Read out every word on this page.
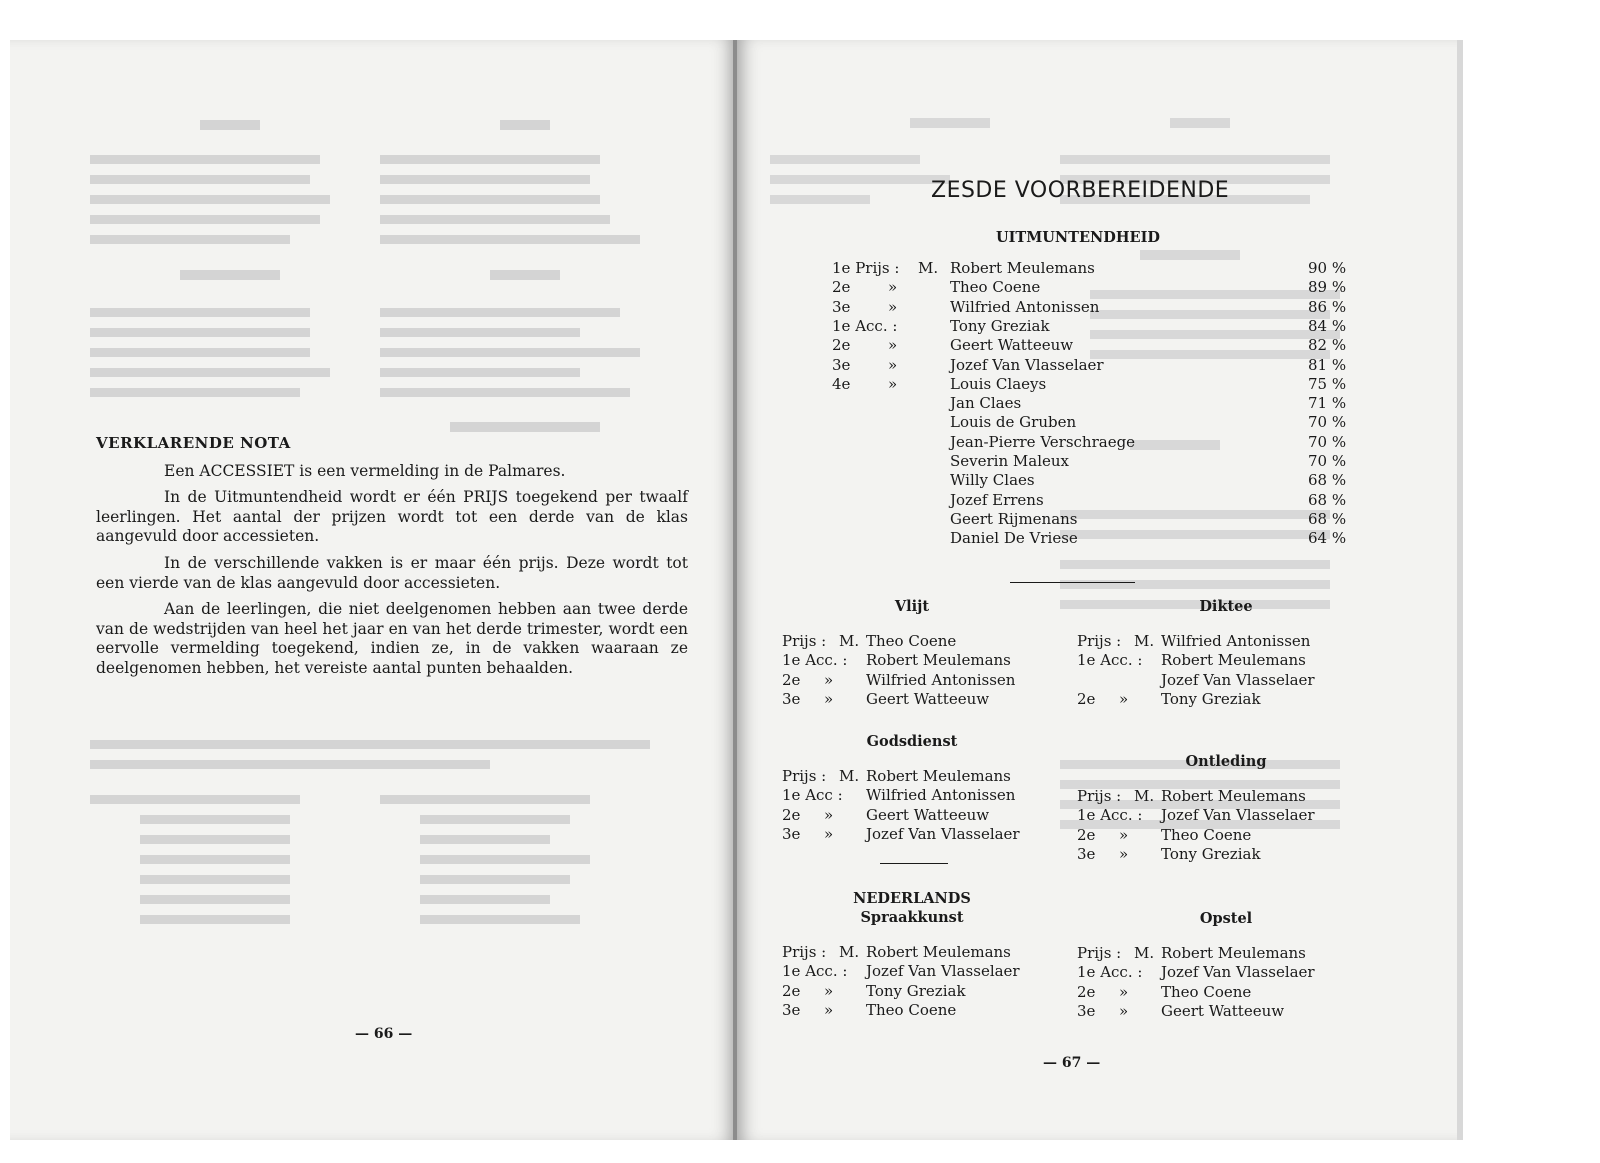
VERKLARENDE NOTA

Een ACCESSIET is een vermelding in de Palmares.

In de Uitmuntendheid wordt er één PRIJS toegekend per twaalf leerlingen. Het aantal der prijzen wordt tot een derde van de klas aangevuld door accessieten.

In de verschillende vakken is er maar één prijs. Deze wordt tot een vierde van de klas aangevuld door accessieten.

Aan de leerlingen, die niet deelgenomen hebben aan twee derde van de wedstrijden van heel het jaar en van het derde trimester, wordt een eervolle vermelding toegekend, indien ze, in de vakken waaraan ze deelgenomen hebben, het vereiste aantal punten behaalden.

— 66 —
ZESDE VOORBEREIDENDE
UITMUNTENDHEID
1e Prijs : M. Robert Meulemans	90 %
2e	»	Theo Coene	89 %
3e	»	Wilfried Antonissen	86 %
1e Acc. :	Tony Greziak	84 %
2e	»	Geert Watteeuw	82 %
3e	»	Jozef Van Vlasselaer	81 %
4e	»	Louis Claeys	75 %
Jan Claes	71 %
Louis de Gruben	70 %
Jean-Pierre Verschraege	70 %
Severin Maleux	70 %
Willy Claes	68 %
Jozef Errens	68 %
Geert Rijmenans	68 %
Daniel De Vriese	64 %
Vlijt
Prijs : M. Theo Coene
1e Acc. : Robert Meulemans
2e » Wilfried Antonissen
3e » Geert Watteeuw
Godsdienst
Prijs : M. Robert Meulemans
1e Acc : Wilfried Antonissen
2e » Geert Watteeuw
3e » Jozef Van Vlasselaer
NEDERLANDS
Spraakkunst
Prijs : M. Robert Meulemans
1e Acc. : Jozef Van Vlasselaer
2e » Tony Greziak
3e » Theo Coene
Diktee
Prijs : M. Wilfried Antonissen
1e Acc. : Robert Meulemans
Jozef Van Vlasselaer
2e » Tony Greziak
Ontleding
Prijs : M. Robert Meulemans
1e Acc. : Jozef Van Vlasselaer
2e » Theo Coene
3e » Tony Greziak
Opstel
Prijs : M. Robert Meulemans
1e Acc. : Jozef Van Vlasselaer
2e » Theo Coene
3e » Geert Watteeuw
— 67 —
